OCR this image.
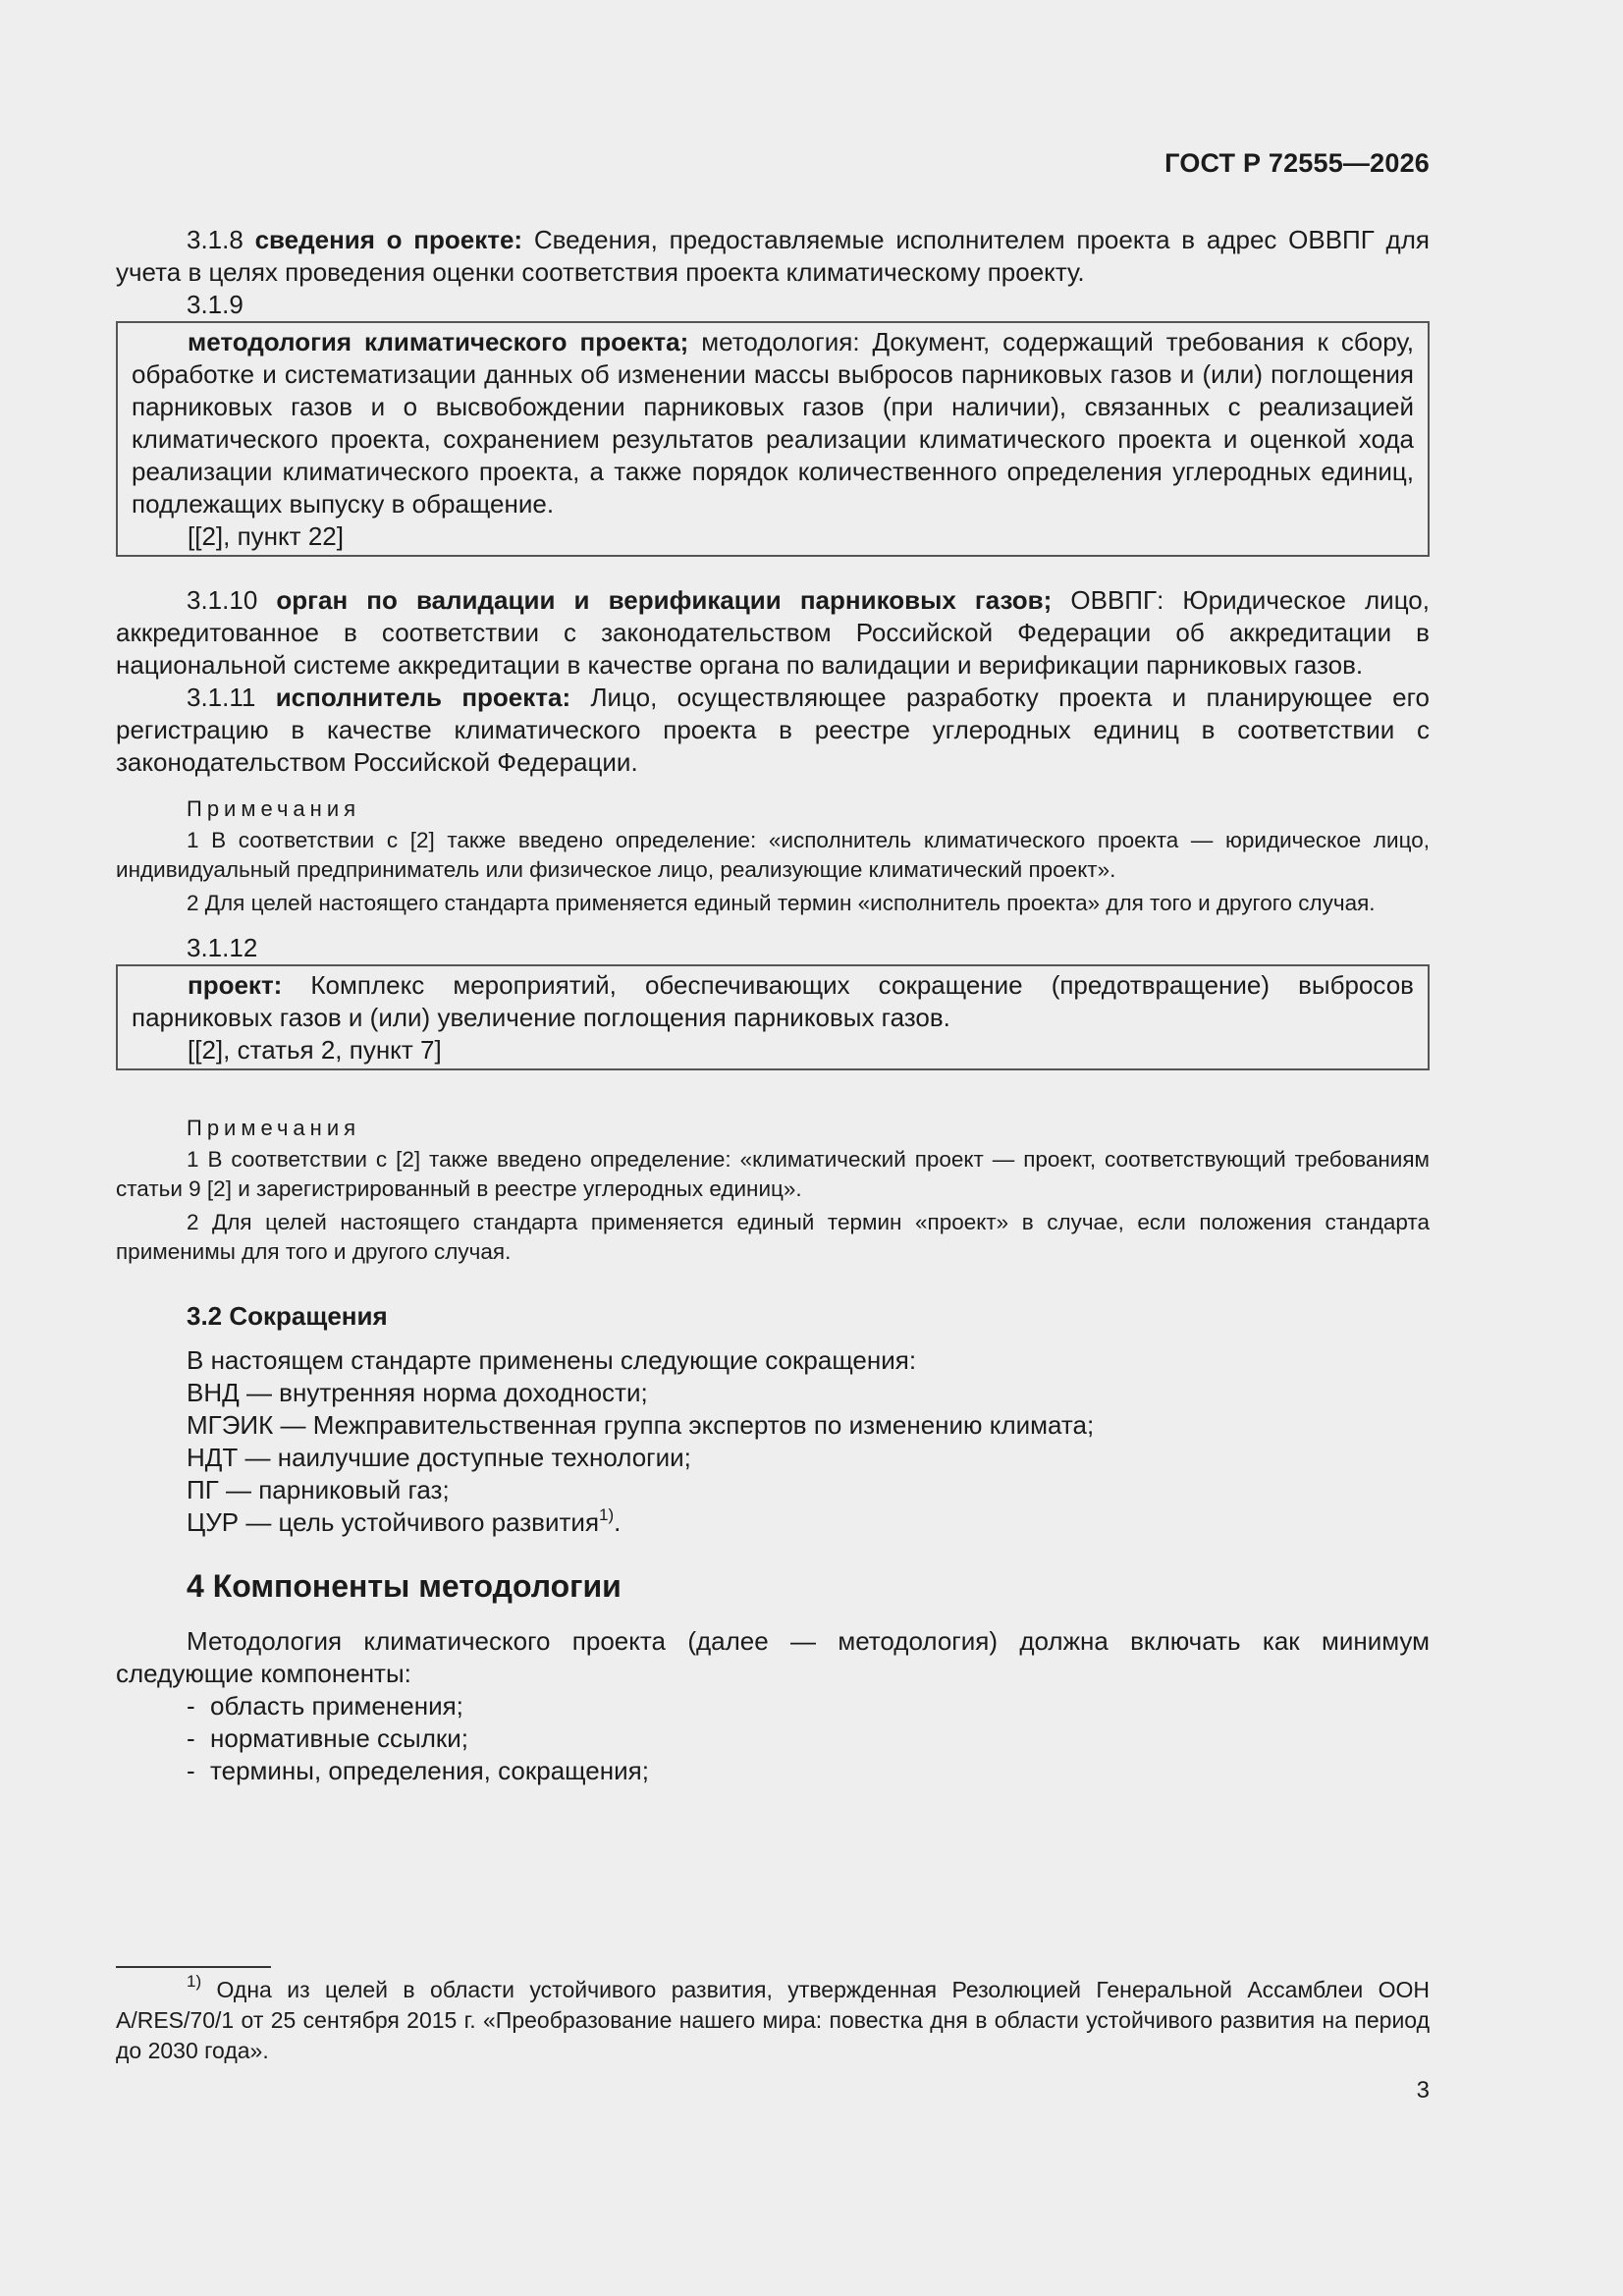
ГОСТ Р 72555—2026

3.1.8 сведения о проекте: Сведения, предоставляемые исполнителем проекта в адрес ОВВПГ для учета в целях проведения оценки соответствия проекта климатическому проекту.

3.1.9

методология климатического проекта; методология: Документ, содержащий требования к сбору, обработке и систематизации данных об изменении массы выбросов парниковых газов и (или) поглощения парниковых газов и о высвобождении парниковых газов (при наличии), связанных с реализацией климатического проекта, сохранением результатов реализации климатического проекта и оценкой хода реализации климатического проекта, а также порядок количественного определения углеродных единиц, подлежащих выпуску в обращение.

[[2], пункт 22]

3.1.10 орган по валидации и верификации парниковых газов; ОВВПГ: Юридическое лицо, аккредитованное в соответствии с законодательством Российской Федерации об аккредитации в национальной системе аккредитации в качестве органа по валидации и верификации парниковых газов.

3.1.11 исполнитель проекта: Лицо, осуществляющее разработку проекта и планирующее его регистрацию в качестве климатического проекта в реестре углеродных единиц в соответствии с законодательством Российской Федерации.

Примечания

1 В соответствии с [2] также введено определение: «исполнитель климатического проекта — юридическое лицо, индивидуальный предприниматель или физическое лицо, реализующие климатический проект».

2 Для целей настоящего стандарта применяется единый термин «исполнитель проекта» для того и другого случая.

3.1.12

проект: Комплекс мероприятий, обеспечивающих сокращение (предотвращение) выбросов парниковых газов и (или) увеличение поглощения парниковых газов.

[[2], статья 2, пункт 7]
Примечания

1 В соответствии с [2] также введено определение: «климатический проект — проект, соответствующий требованиям статьи 9 [2] и зарегистрированный в реестре углеродных единиц».

2 Для целей настоящего стандарта применяется единый термин «проект» в случае, если положения стандарта применимы для того и другого случая.

3.2 Сокращения
В настоящем стандарте применены следующие сокращения:
ВНД — внутренняя норма доходности;
МГЭИК — Межправительственная группа экспертов по изменению климата;
НДТ — наилучшие доступные технологии;
ПГ — парниковый газ;
ЦУР — цель устойчивого развития$^{1)}$.
4 Компоненты методологии

Методология климатического проекта (далее — методология) должна включать как минимум следующие компоненты:

- область применения;
- нормативные ссылки;
- термины, определения, сокращения;

$^{1)}$ Одна из целей в области устойчивого развития, утвержденная Резолюцией Генеральной Ассамблеи ООН A/RES/70/1 от 25 сентября 2015 г. «Преобразование нашего мира: повестка дня в области устойчивого развития на период до 2030 года».

3
